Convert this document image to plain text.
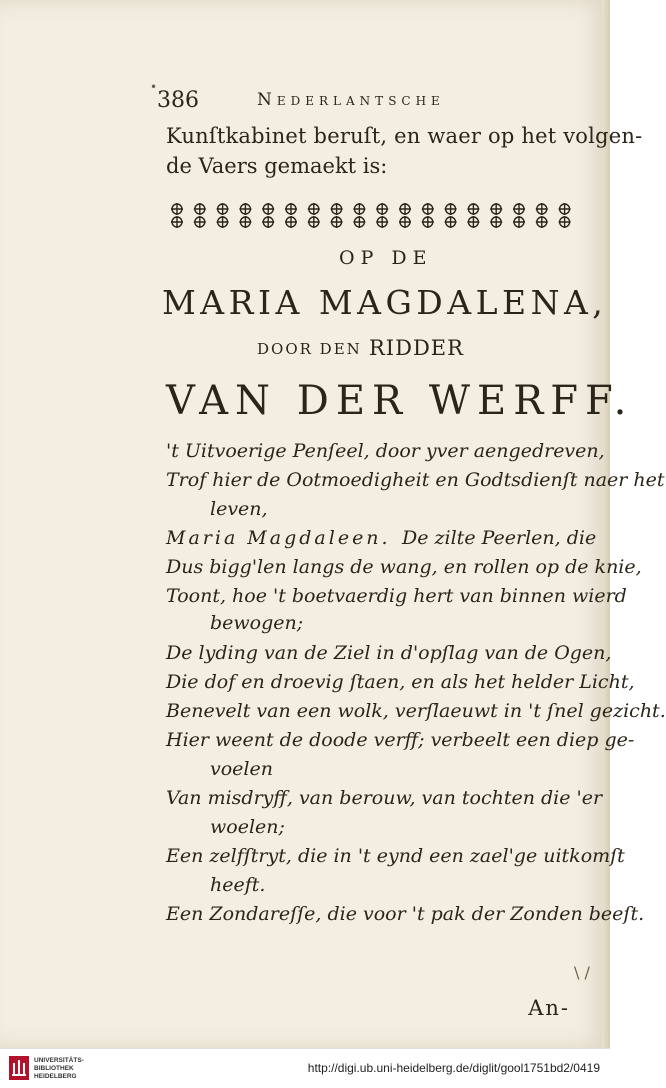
386	Nederlantsche
Kunſtkabinet beruſt, en waer op het volgen-
de Vaers gemaekt is:
OP DE
MARIA MAGDALENA,
DOOR DEN RIDDER
VAN DER WERFF.
't Uitvoerige Penſeel, door yver aengedreven,
Trof hier de Ootmoedigheit en Godtsdienſt naer het
leven,
Maria Magdaleen. De zilte Peerlen, die
Dus bigg'len langs de wang, en rollen op de knie,
Toont, hoe 't boetvaerdig hert van binnen wierd
bewogen;
De lyding van de Ziel in d'opſlag van de Ogen,
Die dof en droevig ſtaen, en als het helder Licht,
Benevelt van een wolk, verſlaeuwt in 't ſnel gezicht.
Hier weent de doode verff; verbeelt een diep ge-
voelen
Van misdryff, van berouw, van tochten die 'er
woelen;
Een zelfſtryt, die in 't eynd een zael'ge uitkomſt
heeft.
Een Zondareſſe, die voor 't pak der Zonden beeſt.
An-
•
\ /
UNIVERSITÄTS-
BIBLIOTHEK
HEIDELBERG
http://digi.ub.uni-heidelberg.de/diglit/gool1751bd2/0419
